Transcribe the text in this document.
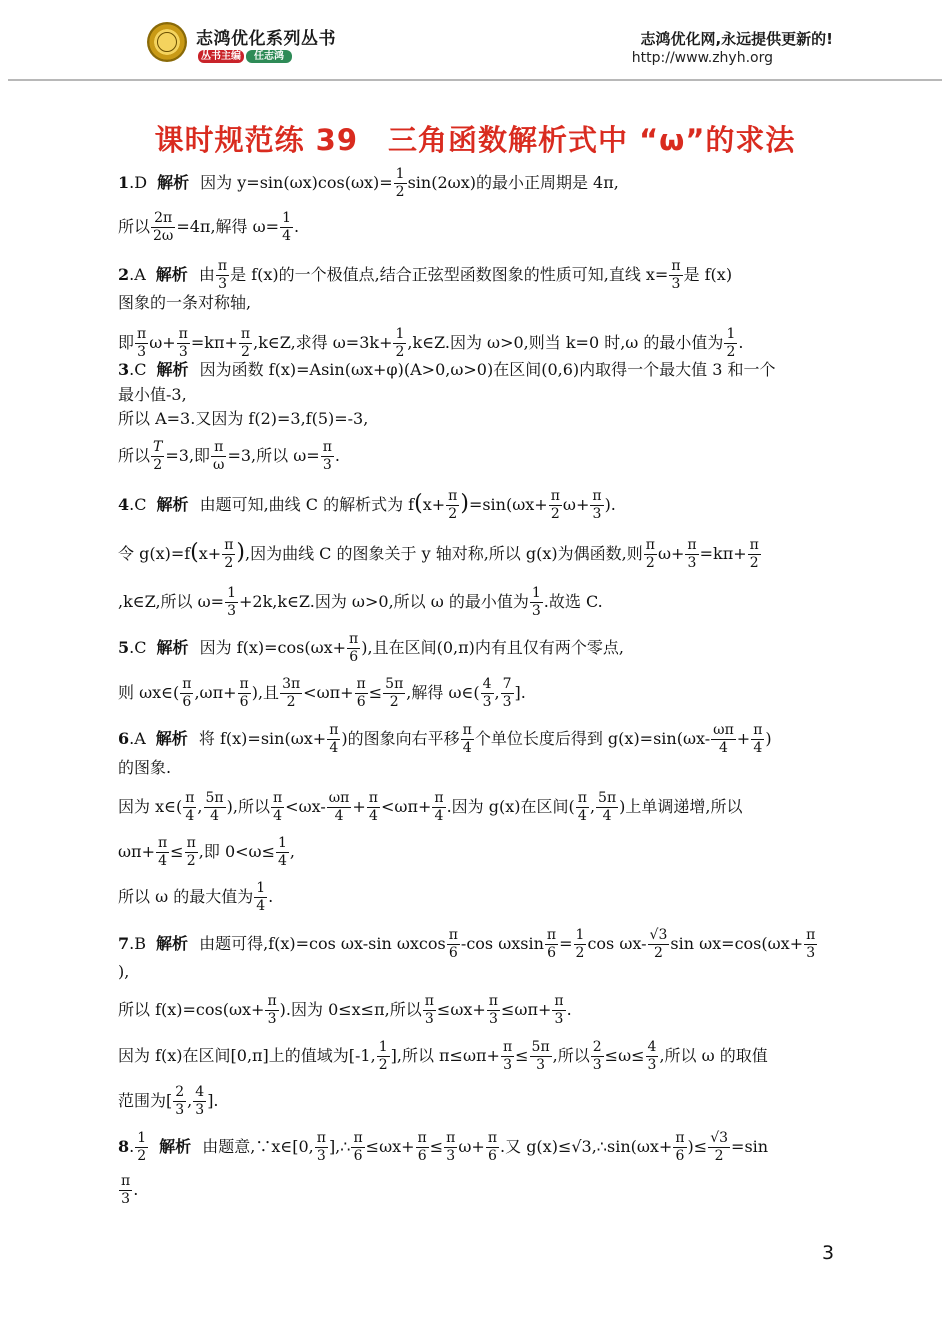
志鸿优化系列丛书
丛书主编	任志鸿
志鸿优化网,永远提供更新的!
http://www.zhyh.org
课时规范练 39　三角函数解析式中 “ω”的求法
1.D 解析 因为 $y=\sin(\omega x)\cos(\omega x)= \frac{1}{2} \sin(2\omega x)$的最小正周期是 4π,
所以 $\frac{2\pi}{2\omega} =4\pi$,解得 $\omega= \frac{1}{4}$ .
2.A 解析 由 $\frac{\pi}{3}$ 是 f(x)的一个极值点,结合正弦型函数图象的性质可知,直线 $x= \frac{\pi}{3}$ 是 f(x)
图象的一条对称轴,
即 $\frac{\pi}{3} \omega+ \frac{\pi}{3} =k\pi+ \frac{\pi}{2}$ ,k∈Z,求得 $\omega=3k+ \frac{1}{2}$ ,k∈Z.因为 ω>0,则当 k=0 时,ω 的最小值为 $\frac{1}{2}$ .
3.C 解析 因为函数 f(x)=Asin(ωx+φ)(A>0,ω>0)在区间(0,6)内取得一个最大值 3 和一个
最小值-3,
所以 A=3.又因为 f(2)=3,f(5)=-3,
所以 $\frac{T}{2} =3$,即 $\frac{\pi}{\omega} =3$,所以 $\omega= \frac{\pi}{3}$ .
4.C 解析 由题可知,曲线 C 的解析式为 $f(x+ \frac{\pi}{2} )=\sin(\omega x+ \frac{\pi}{2} \omega+ \frac{\pi}{3}$ ).
令 $g(x)=f(x+ \frac{\pi}{2}$ ),因为曲线 C 的图象关于 y 轴对称,所以 g(x)为偶函数,则 $\frac{\pi}{2} \omega+ \frac{\pi}{3} =k\pi+ \frac{\pi}{2}$
,k∈Z,所以 $\omega= \frac{1}{3}$ +2k,k∈Z.因为 ω>0,所以 ω 的最小值为 $\frac{1}{3}$ .故选 C.
5.C 解析 因为 $f(x)=\cos(\omega x+ \frac{\pi}{6}$ ),且在区间(0,π)内有且仅有两个零点,
则 ωx∈( $\frac{\pi}{6} ,\omega\pi+ \frac{\pi}{6}$ ),且 $\frac{3\pi}{2} <\omega\pi+ \frac{\pi}{6} \le \frac{5\pi}{2}$ ,解得 ω∈( $\frac{4}{3}$ , $\frac{7}{3}$ ].
6.A 解析 将 $f(x)=\sin(\omega x+ \frac{\pi}{4}$ )的图象向右平移 $\frac{\pi}{4}$ 个单位长度后得到 $g(x)=\sin(\omega x- \frac{\omega\pi}{4} + \frac{\pi}{4}$ )
的图象.
因为 x∈( $\frac{\pi}{4}$ , $\frac{5\pi}{4}$ ),所以 $\frac{\pi}{4} <\omega x- \frac{\omega\pi}{4} + \frac{\pi}{4} <\omega\pi+ \frac{\pi}{4}$ .因为 g(x)在区间( $\frac{\pi}{4}$ , $\frac{5\pi}{4}$ )上单调递增,所以
$\omega\pi+ \frac{\pi}{4} \le \frac{\pi}{2}$ ,即 $0<\omega\le \frac{1}{4}$ ,
所以 ω 的最大值为 $\frac{1}{4}$ .
7.B 解析 由题可得,f(x)=cos ωx-sin ωxcos $\frac{\pi}{6} -\cos$ ωxsin $\frac{\pi}{6} = \frac{1}{2}$ $\cos \omega x- \frac{√3}{2}$ $\sin \omega x=\cos(\omega x+ \frac{\pi}{3}$
),
所以 $f(x)=\cos(\omega x+ \frac{\pi}{3}$ ).因为 0≤x≤π,所以 $\frac{\pi}{3} \le\omega x+ \frac{\pi}{3} \le\omega\pi+ \frac{\pi}{3}$ .
因为 f(x)在区间[0,π]上的值域为[-1, $\frac{1}{2}$ ],所以 $\pi\le\omega\pi+ \frac{\pi}{3} \le \frac{5\pi}{3}$ ,所以 $\frac{2}{3} \le\omega\le \frac{4}{3}$ ,所以 ω 的取值
范围为[ $\frac{2}{3}$ , $\frac{4}{3}$ ].
8. $\frac{1}{2}$ 解析 由题意,∵x∈[0, $\frac{\pi}{3}$ ],∴ $\frac{\pi}{6} \le\omega x+ \frac{\pi}{6} \le \frac{\pi}{3} \omega+ \frac{\pi}{6}$ .又 g(x)≤√3,∴sin(ωx+ $\frac{\pi}{6}$ )≤ $\frac{√3}{2} =\sin$
$\frac{\pi}{3}$ .
3
